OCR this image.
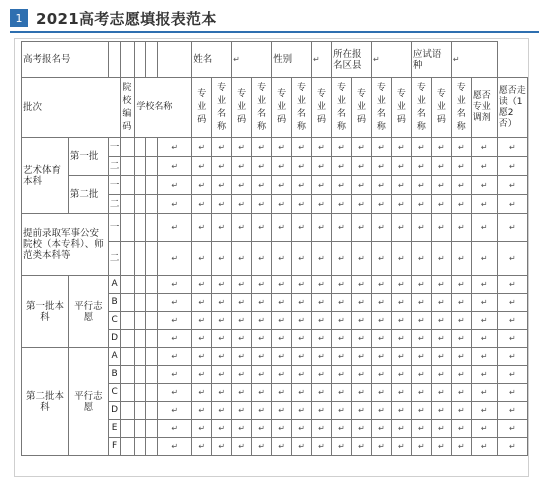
1 2021高考志愿填报表范本
高考报名号							姓名	↵			性别	↵		所在报名区县	↵			应试语种	↵
批次			院校编码	学校名称			专业码	专业名称	专业码	专业名称	专业码	专业名称	专业码	专业名称	专业码	专业名称	专业码	专业名称	专业码	专业名称	愿否专业调剂	愿否走读（1愿2否）
艺术体育本科	第一批	一				↵	↵	↵	↵	↵	↵	↵	↵	↵	↵	↵	↵	↵	↵	↵	↵	↵
		二				↵	↵	↵	↵	↵	↵	↵	↵	↵	↵	↵	↵	↵	↵	↵	↵	↵
	第二批	一				↵	↵	↵	↵	↵	↵	↵	↵	↵	↵	↵	↵	↵	↵	↵	↵	↵
		二				↵	↵	↵	↵	↵	↵	↵	↵	↵	↵	↵	↵	↵	↵	↵	↵	↵
提前录取军事公安院校（本专科）、师范类本科等		一				↵	↵	↵	↵	↵	↵	↵	↵	↵	↵	↵	↵	↵	↵	↵	↵	↵
		二				↵	↵	↵	↵	↵	↵	↵	↵	↵	↵	↵	↵	↵	↵	↵	↵	↵
第一批本 科	平行志愿	A				↵	↵	↵	↵	↵	↵	↵	↵	↵	↵	↵	↵	↵	↵	↵	↵	↵
		B				↵	↵	↵	↵	↵	↵	↵	↵	↵	↵	↵	↵	↵	↵	↵	↵	↵
		C				↵	↵	↵	↵	↵	↵	↵	↵	↵	↵	↵	↵	↵	↵	↵	↵	↵
		D				↵	↵	↵	↵	↵	↵	↵	↵	↵	↵	↵	↵	↵	↵	↵	↵	↵
第二批本 科	平行志愿	A				↵	↵	↵	↵	↵	↵	↵	↵	↵	↵	↵	↵	↵	↵	↵	↵	↵
		B				↵	↵	↵	↵	↵	↵	↵	↵	↵	↵	↵	↵	↵	↵	↵	↵	↵
		C				↵	↵	↵	↵	↵	↵	↵	↵	↵	↵	↵	↵	↵	↵	↵	↵	↵
		D				↵	↵	↵	↵	↵	↵	↵	↵	↵	↵	↵	↵	↵	↵	↵	↵	↵
		E				↵	↵	↵	↵	↵	↵	↵	↵	↵	↵	↵	↵	↵	↵	↵	↵	↵
		F				↵	↵	↵	↵	↵	↵	↵	↵	↵	↵	↵	↵	↵	↵	↵	↵	↵
